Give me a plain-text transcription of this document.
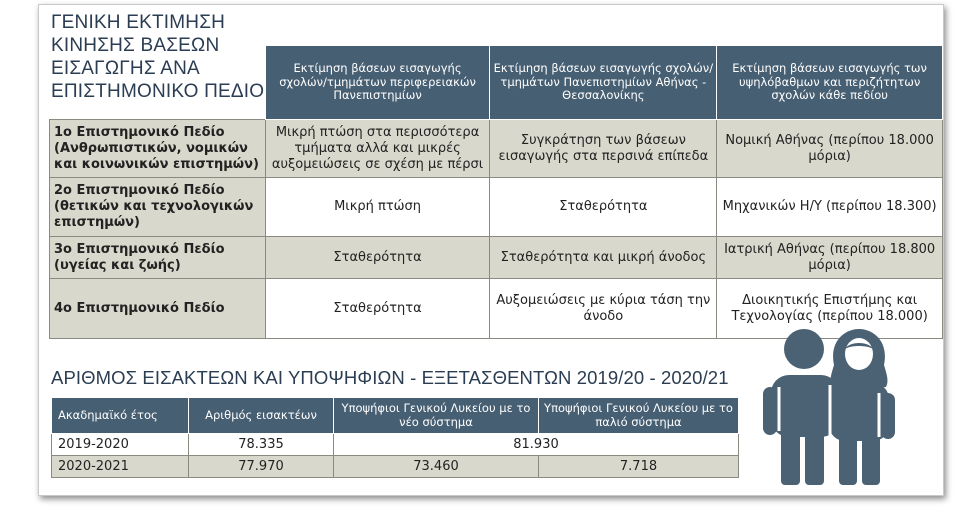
ΓΕΝΙΚΗ ΕΚΤΙΜΗΣΗ
ΚΙΝΗΣΗΣ ΒΑΣΕΩΝ
ΕΙΣΑΓΩΓΗΣ ΑΝΑ
ΕΠΙΣΤΗΜΟΝΙΚΟ ΠΕΔΙΟ
	Εκτίμηση βάσεων εισαγωγής σχολών/τμημάτων περιφερειακών Πανεπιστημίων	Εκτίμηση βάσεων εισαγωγής σχολών/τμημάτων Πανεπιστημίων Αθήνας - Θεσσαλονίκης	Εκτίμηση βάσεων εισαγωγής των υψηλόβαθμων και περιζήτητων σχολών κάθε πεδίου
1ο Επιστημονικό Πεδίο (Ανθρωπιστικών, νομικών και κοινωνικών επιστημών)	Μικρή πτώση στα περισσότερα τμήματα αλλά και μικρές αυξομειώσεις σε σχέση με πέρσι	Συγκράτηση των βάσεων εισαγωγής στα περσινά επίπεδα	Νομική Αθήνας (περίπου 18.000 μόρια)
2ο Επιστημονικό Πεδίο (θετικών και τεχνολογικών επιστημών)	Μικρή πτώση	Σταθερότητα	Μηχανικών Η/Υ (περίπου 18.300)
3ο Επιστημονικό Πεδίο (υγείας και ζωής)	Σταθερότητα	Σταθερότητα και μικρή άνοδος	Ιατρική Αθήνας (περίπου 18.800 μόρια)
4ο Επιστημονικό Πεδίο	Σταθερότητα	Αυξομειώσεις με κύρια τάση την άνοδο	Διοικητικής Επιστήμης και Τεχνολογίας (περίπου 18.000)
ΑΡΙΘΜΟΣ ΕΙΣΑΚΤΕΩΝ ΚΑΙ ΥΠΟΨΗΦΙΩΝ - ΕΞΕΤΑΣΘΕΝΤΩΝ 2019/20 - 2020/21
Ακαδημαϊκό έτος	Αριθμός εισακτέων	Υποψήφιοι Γενικού Λυκείου με το νέο σύστημα	Υποψήφιοι Γενικού Λυκείου με το παλιό σύστημα
2019-2020	78.335	81.930	
2020-2021	77.970	73.460	7.718
